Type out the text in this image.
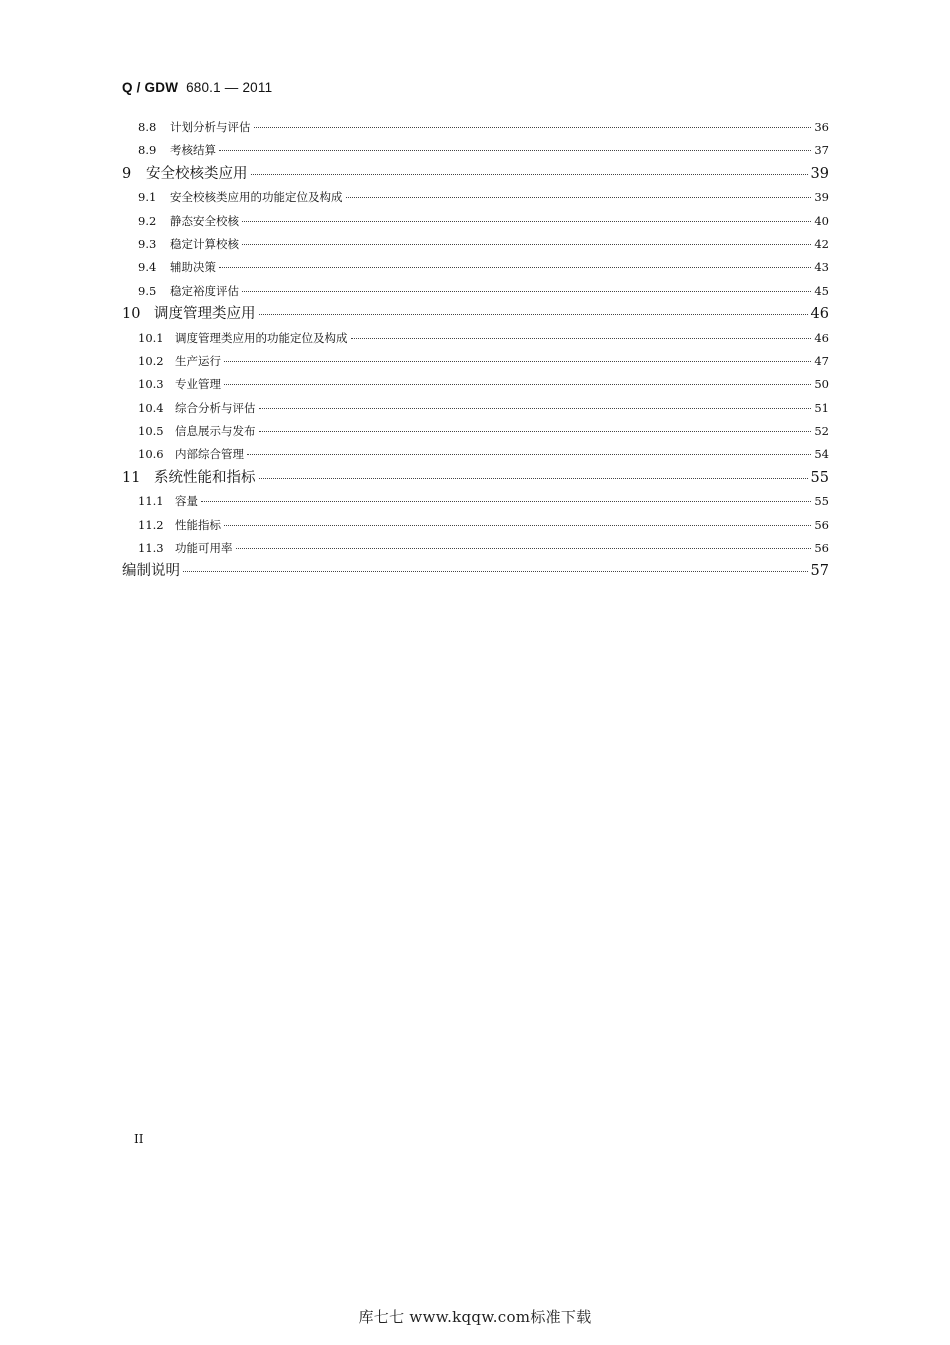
Q / GDW 680.1 — 2011
8.8	计划分析与评估	36
8.9	考核结算	37
9	安全校核类应用	39
9.1	安全校核类应用的功能定位及构成	39
9.2	静态安全校核	40
9.3	稳定计算校核	42
9.4	辅助决策	43
9.5	稳定裕度评估	45
10 调度管理类应用	46
10.1 调度管理类应用的功能定位及构成	46
10.2 生产运行	47
10.3 专业管理	50
10.4 综合分析与评估	51
10.5 信息展示与发布	52
10.6 内部综合管理	54
11 系统性能和指标	55
11.1 容量	55
11.2 性能指标	56
11.3 功能可用率	56
编制说明	57
II
库七七 www.kqqw.com标准下载
